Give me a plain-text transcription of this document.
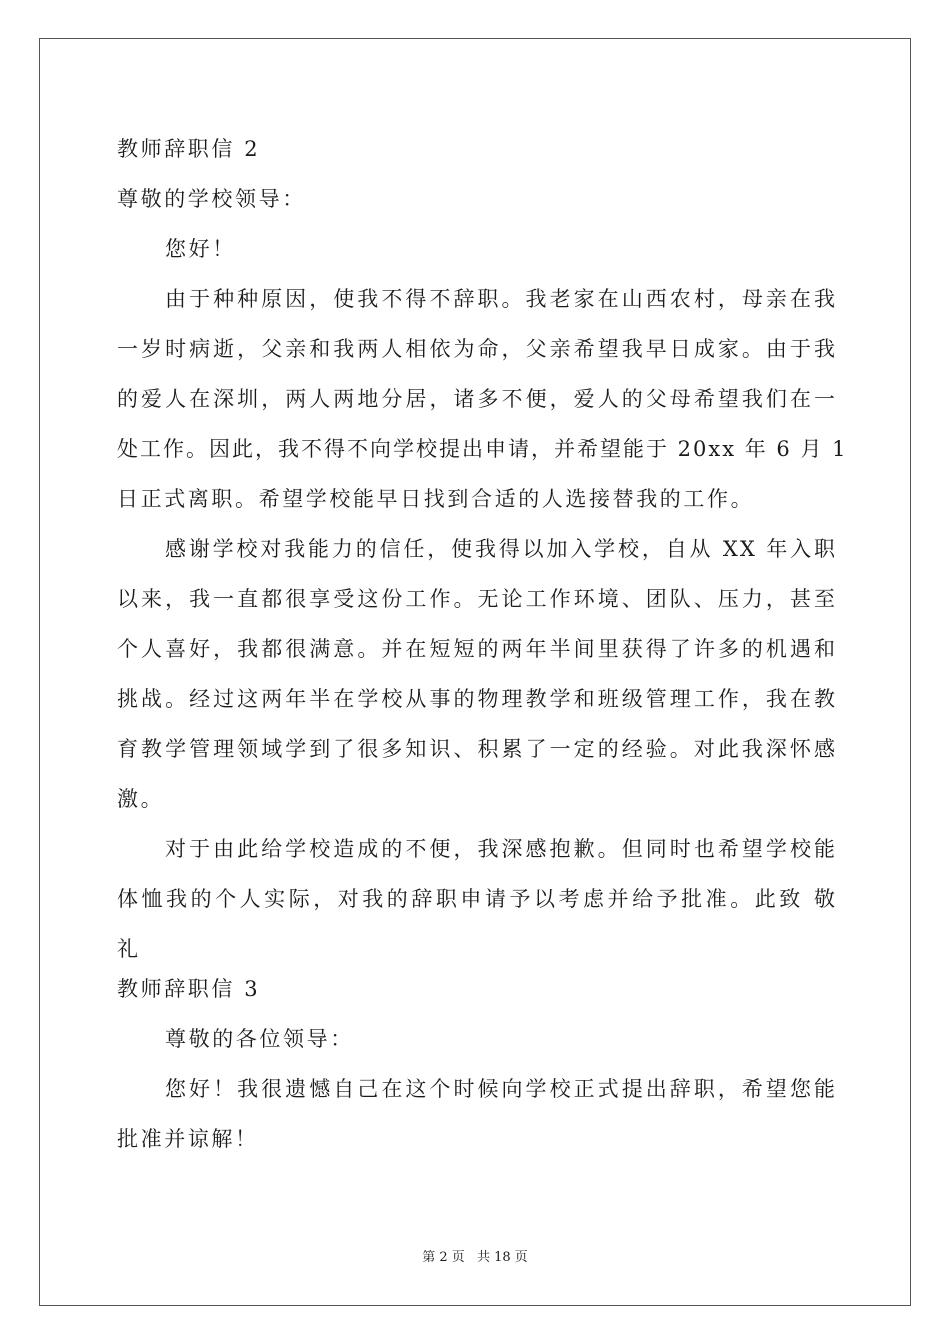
教师辞职信 2
尊敬的学校领导：
您好！
由于种种原因，使我不得不辞职。我老家在山西农村，母亲在我
一岁时病逝，父亲和我两人相依为命，父亲希望我早日成家。由于我
的爱人在深圳，两人两地分居，诸多不便，爱人的父母希望我们在一
处工作。因此，我不得不向学校提出申请，并希望能于 20xx 年 6 月 1
日正式离职。希望学校能早日找到合适的人选接替我的工作。
感谢学校对我能力的信任，使我得以加入学校，自从 XX 年入职
以来，我一直都很享受这份工作。无论工作环境、团队、压力，甚至
个人喜好，我都很满意。并在短短的两年半间里获得了许多的机遇和
挑战。经过这两年半在学校从事的物理教学和班级管理工作，我在教
育教学管理领域学到了很多知识、积累了一定的经验。对此我深怀感
激。
对于由此给学校造成的不便，我深感抱歉。但同时也希望学校能
体恤我的个人实际，对我的辞职申请予以考虑并给予批准。此致 敬
礼
教师辞职信 3
尊敬的各位领导：
您好！我很遗憾自己在这个时候向学校正式提出辞职，希望您能
批准并谅解！
第 2 页 共 18 页
